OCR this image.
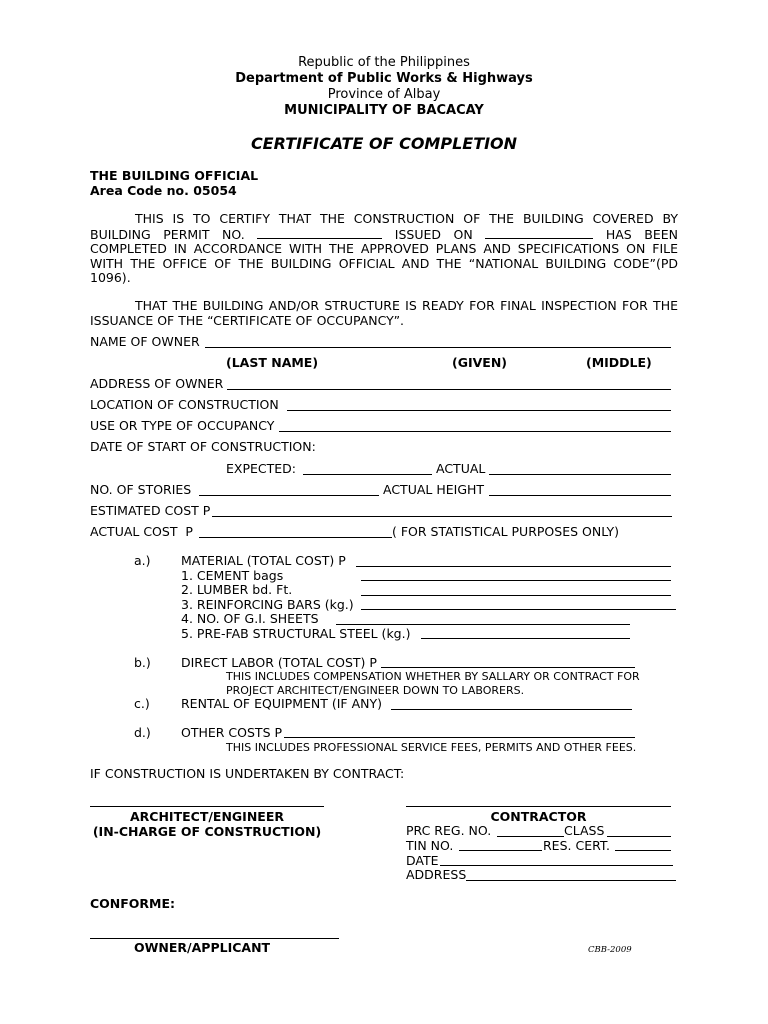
Republic of the Philippines
Department of Public Works & Highways
Province of Albay
MUNICIPALITY OF BACACAY
CERTIFICATE OF COMPLETION
THE BUILDING OFFICIAL
Area Code no. 05054
THIS IS TO CERTIFY THAT THE CONSTRUCTION OF THE BUILDING COVERED BY BUILDING PERMIT NO.	ISSUED ON	HAS BEEN COMPLETED IN ACCORDANCE WITH THE APPROVED PLANS AND SPECIFICATIONS ON FILE WITH THE OFFICE OF THE BUILDING OFFICIAL AND THE “NATIONAL BUILDING CODE”(PD 1096).
THAT THE BUILDING AND/OR STRUCTURE IS READY FOR FINAL INSPECTION FOR THE ISSUANCE OF THE “CERTIFICATE OF OCCUPANCY”.
NAME OF OWNER
(LAST NAME)	(GIVEN)	(MIDDLE)
ADDRESS OF OWNER
LOCATION OF CONSTRUCTION
USE OR TYPE OF OCCUPANCY
DATE OF START OF CONSTRUCTION:
EXPECTED:	ACTUAL
NO. OF STORIES	ACTUAL HEIGHT
ESTIMATED COST P
ACTUAL COST  P	( FOR STATISTICAL PURPOSES ONLY)
a.) MATERIAL (TOTAL COST) P
1. CEMENT bags
2. LUMBER bd. Ft.
3. REINFORCING BARS (kg.)
4. NO. OF G.I. SHEETS
5. PRE-FAB STRUCTURAL STEEL (kg.)
b.) DIRECT LABOR (TOTAL COST) P
THIS INCLUDES COMPENSATION WHETHER BY SALLARY OR CONTRACT FOR
PROJECT ARCHITECT/ENGINEER DOWN TO LABORERS.
c.)	RENTAL OF EQUIPMENT (IF ANY)
d.) OTHER COSTS P
THIS INCLUDES PROFESSIONAL SERVICE FEES, PERMITS AND OTHER FEES.
IF CONSTRUCTION IS UNDERTAKEN BY CONTRACT:
ARCHITECT/ENGINEER
(IN-CHARGE OF CONSTRUCTION)
CONTRACTOR
PRC REG. NO.	CLASS
TIN NO.	RES. CERT.
DATE
ADDRESS
CONFORME:
OWNER/APPLICANT	CBB-2009
